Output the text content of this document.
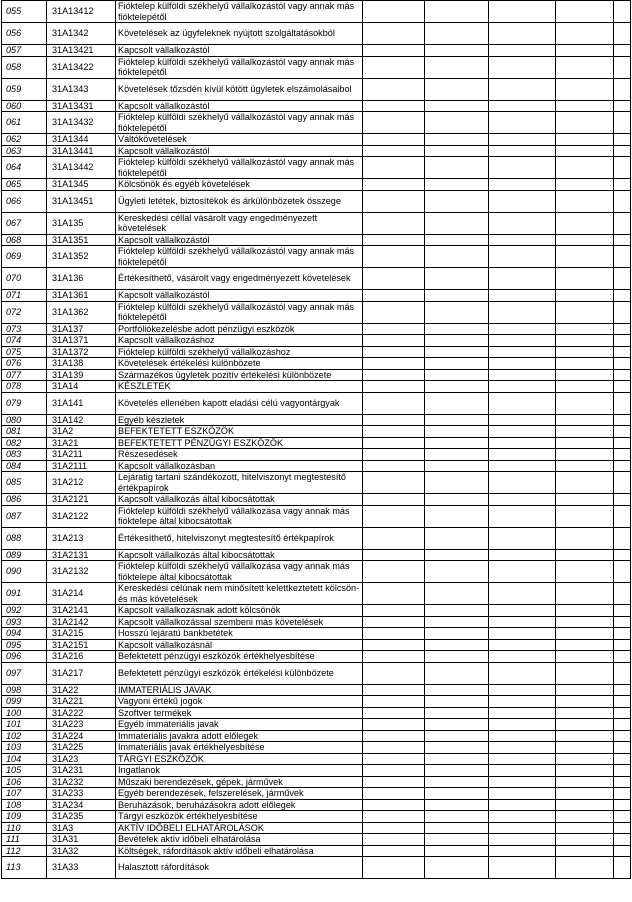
055	31A13412	Fióktelep külföldi székhelyű vállalkozástól vagy annak más fióktelepétől					
056	31A1342	Követelések az ügyfeleknek nyújtott szolgáltatásokból					
057	31A13421	Kapcsolt vállalkozástól					
058	31A13422	Fióktelep külföldi székhelyű vállalkozástól vagy annak más fióktelepétől					
059	31A1343	Követelések tőzsdén kívül kötött ügyletek elszámolásaibol					
060	31A13431	Kapcsolt vállalkozástól					
061	31A13432	Fióktelep külföldi székhelyű vállalkozástól vagy annak más fióktelepétől					
062	31A1344	Váltókövetelések					
063	31A13441	Kapcsolt vállalkozástól					
064	31A13442	Fióktelep külföldi székhelyű vállalkozástól vagy annak más fióktelepétől					
065	31A1345	Kölcsönök és egyéb követelések					
066	31A13451	Ügyleti letétek, biztosítékok és árkülönbözetek összege					
067	31A135	Kereskedési céllal vásárolt vagy engedményezett követelések					
068	31A1351	Kapcsolt vállalkozástól					
069	31A1352	Fióktelep külföldi székhelyű vállalkozástól vagy annak más fióktelepétől					
070	31A136	Értékesíthető, vásárolt vagy engedményezett követelések					
071	31A1361	Kapcsolt vállalkozástól					
072	31A1362	Fióktelep külföldi székhelyű vállalkozástól vagy annak más fióktelepétől					
073	31A137	Portfóliókezelésbe adott pénzügyi eszközök					
074	31A1371	Kapcsolt vállalkozáshoz					
075	31A1372	Fióktelep külföldi székhelyű vállalkozáshoz					
076	31A138	Követelések értékelési különbözete					
077	31A139	Származékos ügyletek pozitív értékelési különbözete					
078	31A14	KÉSZLETEK					
079	31A141	Követelés ellenében kapott eladási célú vagyontárgyak					
080	31A142	Egyéb készletek					
081	31A2	BEFEKTETETT ESZKÖZÖK					
082	31A21	BEFEKTETETT PÉNZÜGYI ESZKÖZÖK					
083	31A211	Részesedések					
084	31A2111	Kapcsolt vállalkozásban					
085	31A212	Lejáratig tartani szándékozott, hitelviszonyt megtestesítő értékpapírok					
086	31A2121	Kapcsolt vállalkozás által kibocsátottak					
087	31A2122	Fióktelep külföldi székhelyű vállalkozása vagy annak más fióktelepe által kibocsátottak					
088	31A213	Értékesíthető, hitelviszonyt megtestesítő értékpapírok					
089	31A2131	Kapcsolt vállalkozás által kibocsátottak					
090	31A2132	Fióktelep külföldi székhelyű vállalkozása vagy annak más fióktelepe által kibocsátottak					
091	31A214	Kereskedési célúnak nem minősített kelettkeztetett kölcsön- és más követelések					
092	31A2141	Kapcsolt vállalkozásnak adott kölcsönök					
093	31A2142	Kapcsolt vállalkozással szembeni más követelések					
094	31A215	Hosszú lejáratú bankbetétek					
095	31A2151	Kapcsolt vállalkozásnál					
096	31A216	Befektetett pénzügyi eszközök értékhelyesbítése					
097	31A217	Befektetett pénzügyi eszközök értékelési különbözete					
098	31A22	IMMATERIÁLIS JAVAK					
099	31A221	Vagyoni értékű jogok					
100	31A222	Szoftver termékek					
101	31A223	Egyéb immateriális javak					
102	31A224	Immateriális javakra adott előlegek					
103	31A225	Immateriális javak értékhelyesbítése					
104	31A23	TÁRGYI ESZKÖZÖK					
105	31A231	Ingatlanok					
106	31A232	Műszaki berendezések, gépek, járművek					
107	31A233	Egyéb berendezések, felszerelések, járművek					
108	31A234	Beruházások, beruházásokra adott előlegek					
109	31A235	Tárgyi eszközök értékhelyesbítése					
110	31A3	AKTÍV IDŐBELI ELHATÁROLÁSOK					
111	31A31	Bevételek aktív időbeli elhatárolása					
112	31A32	Költségek, ráfordítások aktív időbeli elhatárolása					
113	31A33	Halasztott ráfordítások					
